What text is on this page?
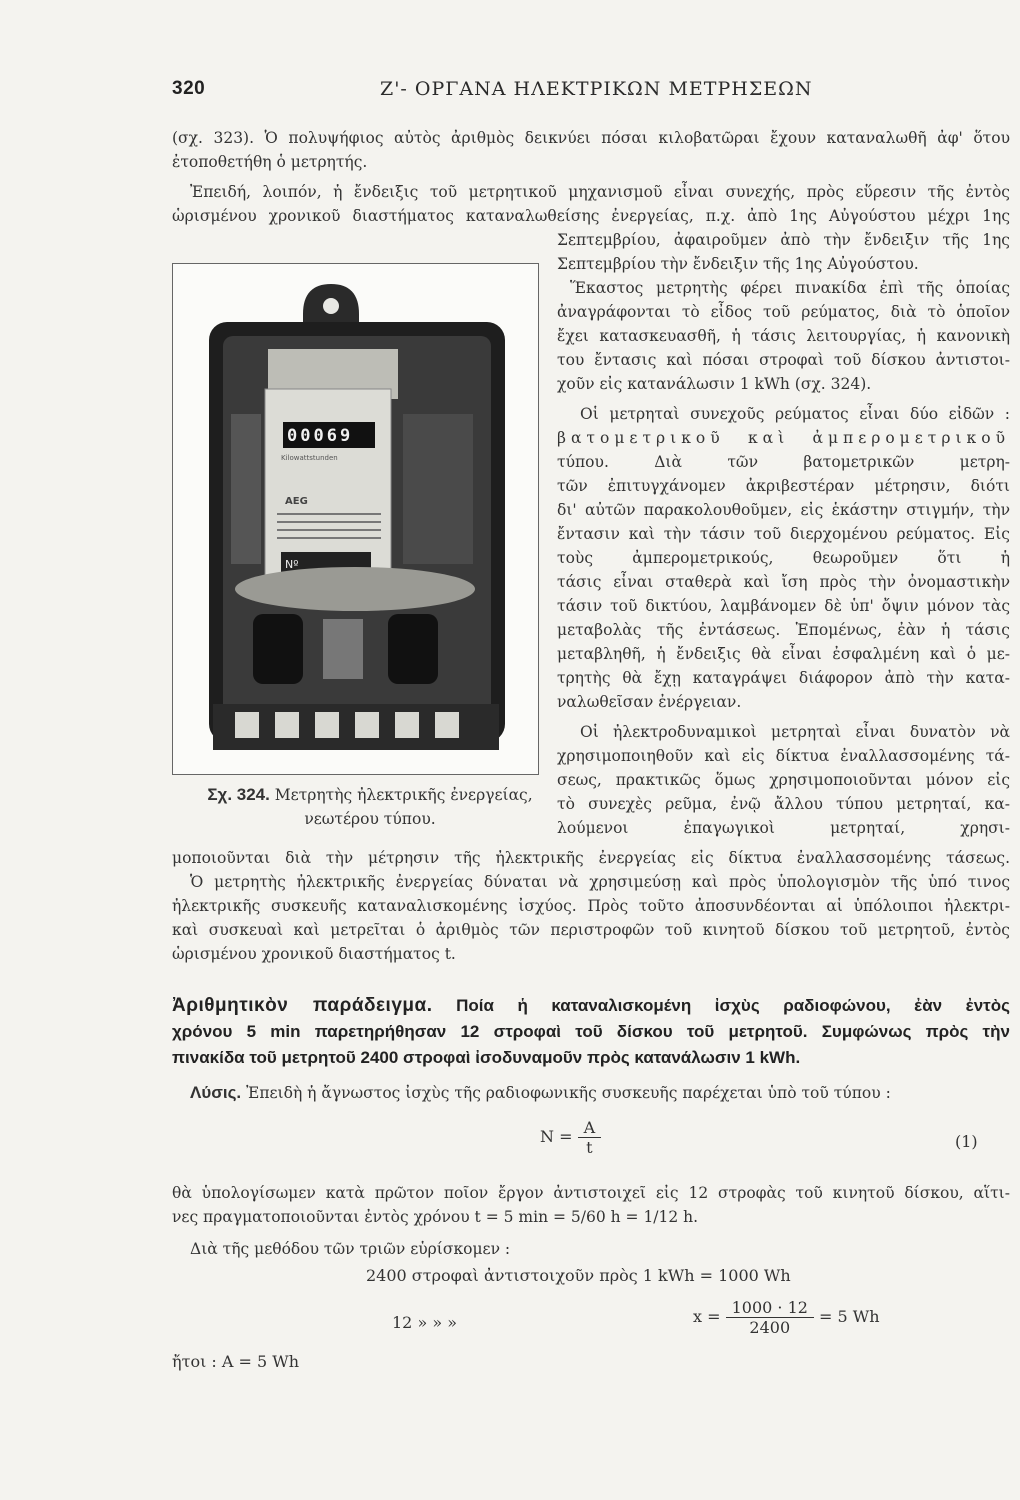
320	Ζ'- ΟΡΓΑΝΑ ΗΛΕΚΤΡΙΚΩΝ ΜΕΤΡΗΣΕΩΝ
(σχ. 323). Ὁ πολυψήφιος αὐτὸς ἀριθμὸς δεικνύει πόσαι κιλοβατῶραι ἔχουν καταναλωθῆ ἀφ' ὅτου
ἐτοποθετήθη ὁ μετρητής.
Ἐπειδή, λοιπόν, ἡ ἔνδειξις τοῦ μετρητικοῦ μηχανισμοῦ εἶναι συνεχής, πρὸς εὕρεσιν τῆς ἐντὸς
ὡρισμένου χρονικοῦ διαστήματος καταναλωθείσης ἐνεργείας, π.χ. ἀπὸ 1ης Αὐγούστου μέχρι 1ης
00069
Kilowattstunden
AEG
Nº
Σχ. 324. Μετρητὴς ἠλεκτρικῆς ἐνεργείας,
νεωτέρου τύπου.
Σεπτεμβρίου, ἀφαιροῦμεν ἀπὸ τὴν ἔνδειξιν τῆς 1ης
Σεπτεμβρίου τὴν ἔνδειξιν τῆς 1ης Αὐγούστου.
Ἕκαστος μετρητὴς φέρει πινακίδα ἐπὶ τῆς ὁποίας
ἀναγράφονται τὸ εἶδος τοῦ ρεύματος, διὰ τὸ ὁποῖον
ἔχει κατασκευασθῆ, ἡ τάσις λειτουργίας, ἡ κανονικὴ
του ἔντασις καὶ πόσαι στροφαὶ τοῦ δίσκου ἀντιστοι-
χοῦν εἰς κατανάλωσιν 1 kWh (σχ. 324).
Οἱ μετρηταὶ συνεχοῦς ρεύματος εἶναι δύο εἰδῶν :
βατομετρικοῦ καὶ ἀμπερομετρικοῦ
τύπου. Διὰ τῶν βατομετρικῶν μετρη-
τῶν ἐπιτυγχάνομεν ἀκριβεστέραν μέτρησιν, διότι
δι' αὐτῶν παρακολουθοῦμεν, εἰς ἑκάστην στιγμήν, τὴν
ἔντασιν καὶ τὴν τάσιν τοῦ διερχομένου ρεύματος. Εἰς
τοὺς ἀμπερομετρικούς, θεωροῦμεν ὅτι ἡ
τάσις εἶναι σταθερὰ καὶ ἴση πρὸς τὴν ὀνομαστικὴν
τάσιν τοῦ δικτύου, λαμβάνομεν δὲ ὑπ' ὄψιν μόνον τὰς
μεταβολὰς τῆς ἐντάσεως. Ἑπομένως, ἐὰν ἡ τάσις
μεταβληθῆ, ἡ ἔνδειξις θὰ εἶναι ἐσφαλμένη καὶ ὁ με-
τρητὴς θὰ ἔχῃ καταγράψει διάφορον ἀπὸ τὴν κατα-
ναλωθεῖσαν ἐνέργειαν.
Οἱ ἠλεκτροδυναμικοὶ μετρηταὶ εἶναι δυνατὸν νὰ
χρησιμοποιηθοῦν καὶ εἰς δίκτυα ἐναλλασσομένης τά-
σεως, πρακτικῶς ὅμως χρησιμοποιοῦνται μόνον εἰς
τὸ συνεχὲς ρεῦμα, ἐνῷ ἄλλου τύπου μετρηταί, κα-
λούμενοι ἐπαγωγικοὶ μετρηταί, χρησι-
μοποιοῦνται διὰ τὴν μέτρησιν τῆς ἠλεκτρικῆς ἐνεργείας εἰς δίκτυα ἐναλλασσομένης τάσεως.
Ὁ μετρητὴς ἠλεκτρικῆς ἐνεργείας δύναται νὰ χρησιμεύσῃ καὶ πρὸς ὑπολογισμὸν τῆς ὑπό τινος
ἠλεκτρικῆς συσκευῆς καταναλισκομένης ἰσχύος. Πρὸς τοῦτο ἀποσυνδέονται αἱ ὑπόλοιποι ἠλεκτρι-
καὶ συσκευαὶ καὶ μετρεῖται ὁ ἀριθμὸς τῶν περιστροφῶν τοῦ κινητοῦ δίσκου τοῦ μετρητοῦ, ἐντὸς
ὡρισμένου χρονικοῦ διαστήματος t.
Ἀριθμητικὸν παράδειγμα. Ποία ἡ καταναλισκομένη ἰσχὺς ραδιοφώνου, ἐὰν ἐντὸς
χρόνου 5 min παρετηρήθησαν 12 στροφαὶ τοῦ δίσκου τοῦ μετρητοῦ. Συμφώνως πρὸς τὴν
πινακίδα τοῦ μετρητοῦ 2400 στροφαὶ ἰσοδυναμοῦν πρὸς κατανάλωσιν 1 kWh.
Λύσις. Ἐπειδὴ ἡ ἄγνωστος ἰσχὺς τῆς ραδιοφωνικῆς συσκευῆς παρέχεται ὑπὸ τοῦ τύπου :
$N = \frac{A}{t}$	(1)
θὰ ὑπολογίσωμεν κατὰ πρῶτον ποῖον ἔργον ἀντιστοιχεῖ εἰς 12 στροφὰς τοῦ κινητοῦ δίσκου, αἵτι-
νες πραγματοποιοῦνται ἐντὸς χρόνου t = 5 min = 5/60 h = 1/12 h.
Διὰ τῆς μεθόδου τῶν τριῶν εὑρίσκομεν :
2400 στροφαὶ ἀντιστοιχοῦν πρὸς 1 kWh = 1000 Wh
12 » » »	$x = \frac{1000 \cdot 12}{2400} = 5$ Wh
ἤτοι : A = 5 Wh
